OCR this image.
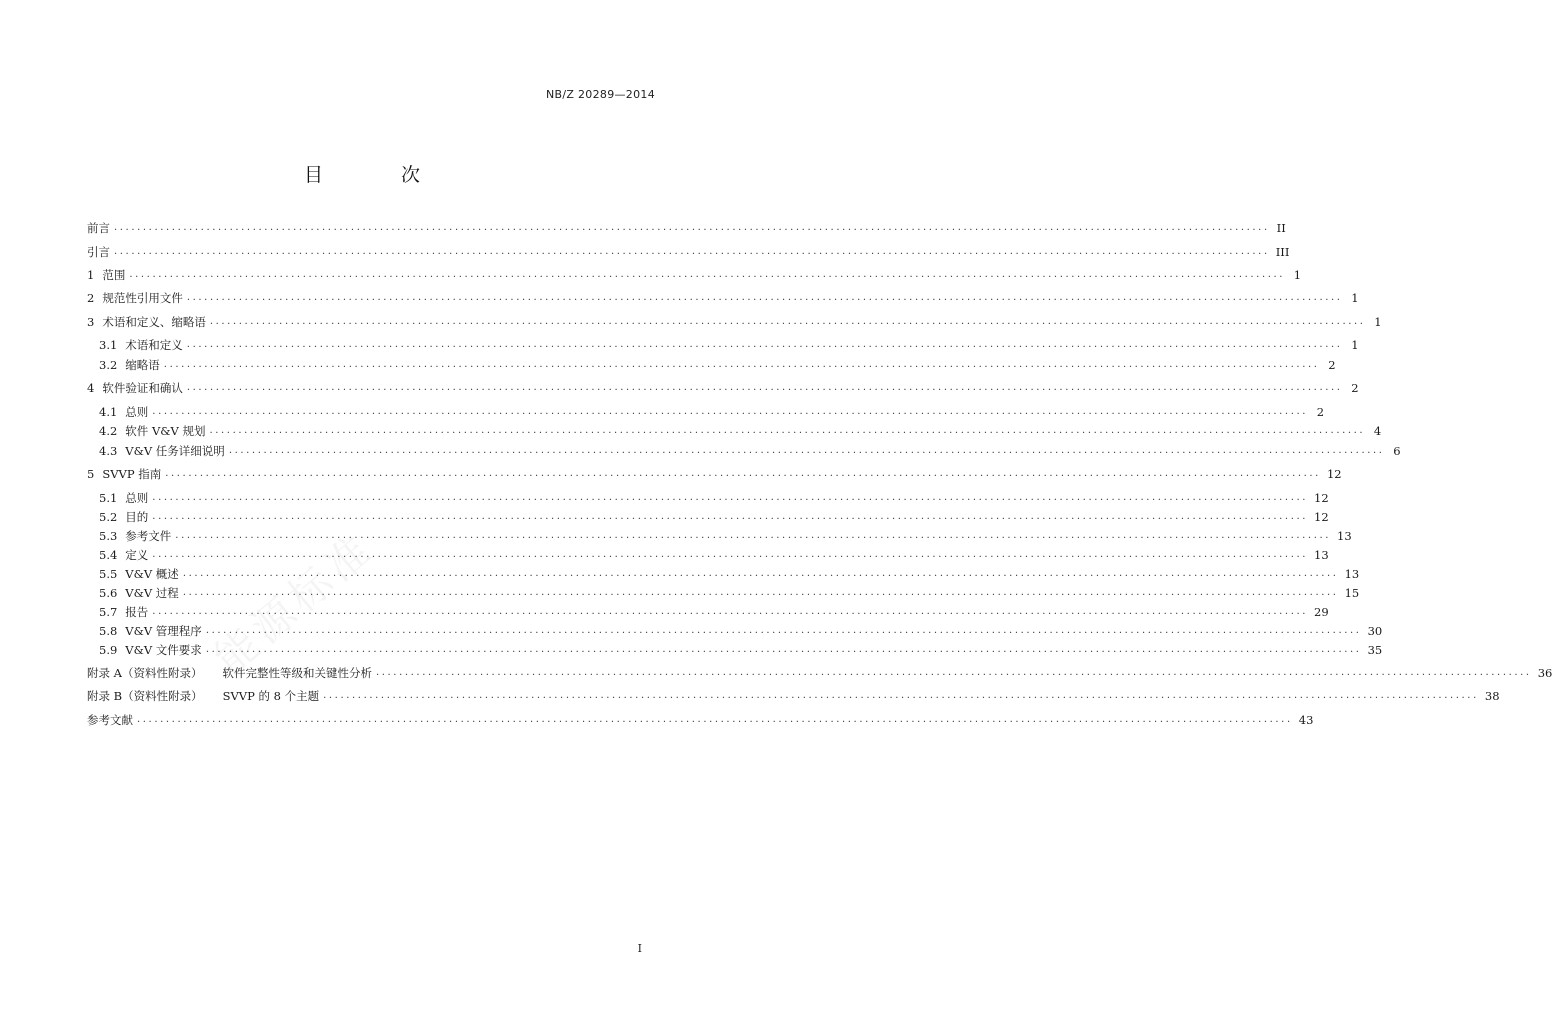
NB/Z 20289—2014
目 次
前言 ........................................................................................................................................................................................................ II
引言 ........................................................................................................................................................................................................ III
1 范围 ........................................................................................................................................................................................................ 1
2 规范性引用文件 ........................................................................................................................................................................................................ 1
3 术语和定义、缩略语 ........................................................................................................................................................................................................ 1
3.1 术语和定义 ........................................................................................................................................................................................................ 1
3.2 缩略语 ........................................................................................................................................................................................................ 2
4 软件验证和确认 ........................................................................................................................................................................................................ 2
4.1 总则 ........................................................................................................................................................................................................ 2
4.2 软件 V&V 规划 ........................................................................................................................................................................................................ 4
4.3 V&V 任务详细说明 ........................................................................................................................................................................................................ 6
5 SVVP 指南 ........................................................................................................................................................................................................ 12
5.1 总则 ........................................................................................................................................................................................................ 12
5.2 目的 ........................................................................................................................................................................................................ 12
5.3 参考文件 ........................................................................................................................................................................................................ 13
5.4 定义 ........................................................................................................................................................................................................ 13
5.5 V&V 概述 ........................................................................................................................................................................................................ 13
5.6 V&V 过程 ........................................................................................................................................................................................................ 15
5.7 报告 ........................................................................................................................................................................................................ 29
5.8 V&V 管理程序 ........................................................................................................................................................................................................ 30
5.9 V&V 文件要求 ........................................................................................................................................................................................................ 35
附录 A（资料性附录）	软件完整性等级和关键性分析 ........................................................................................................................................................................................................ 36
附录 B（资料性附录）	SVVP 的 8 个主题 ........................................................................................................................................................................................................ 38
参考文献 ........................................................................................................................................................................................................ 43
I
